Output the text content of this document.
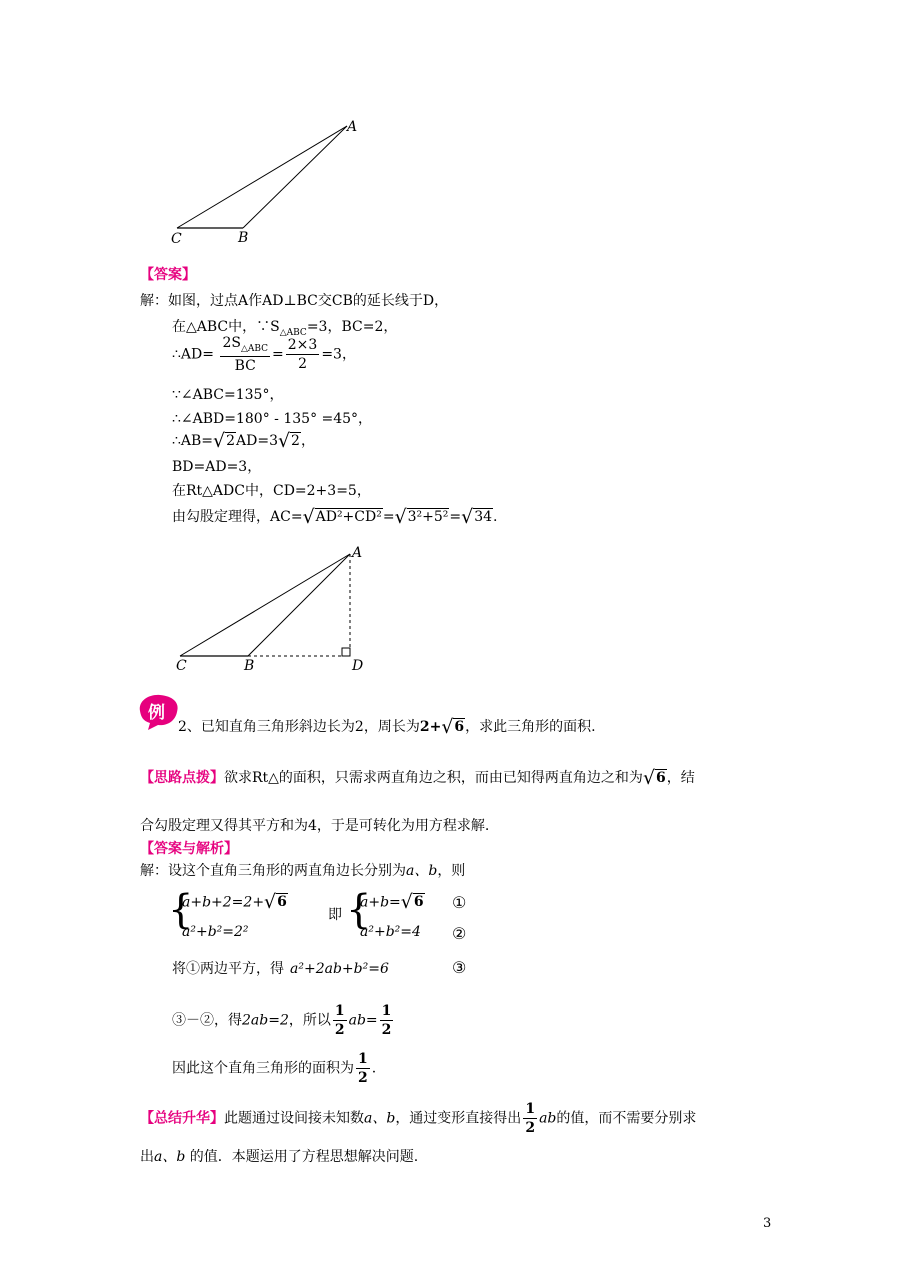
A
C	B
【答案】
解：如图，过点A作AD⊥BC交CB的延长线于D，
在△ABC中，$\because S_{\triangle ABC}=3$，BC=2，
∴AD= $\frac{2S_{\triangle ABC}}{BC} = \frac{2\times 3}{2} =3$，
∵∠ABC=135°，
∴∠ABD=180° - 135° =45°，
∴AB= √ 2 AD=3 √ 2 ，
BD=AD=3，
在Rt△ADC中，CD=2+3=5，
由勾股定理得，AC= √ AD²+CD² = √ 3²+5² = √ 34 .
A
C	B	D
例
2、已知直角三角形斜边长为2，周长为2+ √ 6 ，求此三角形的面积.
【思路点拨】欲求Rt△的面积，只需求两直角边之积，而由已知得两直角边之和为 √ 6 ，结
合勾股定理又得其平方和为4，于是可转化为用方程求解.
【答案与解析】
解：设这个直角三角形的两直角边长分别为a、b，则
{
a+b+2=2+ √ 6
a²+b²=2²
即 {
a+b= √ 6
a²+b²=4
①
②
将①两边平方，得 a²+2ab+b²=6	③
③－②，得2ab=2，所以 $\frac{1}{2} ab= \frac{1}{2}$
因此这个直角三角形的面积为 $\frac{1}{2}$ .
【总结升华】此题通过设间接未知数a、b，通过变形直接得出 $\frac{1}{2}$ ab的值，而不需要分别求
出a、b 的值．本题运用了方程思想解决问题.
3
